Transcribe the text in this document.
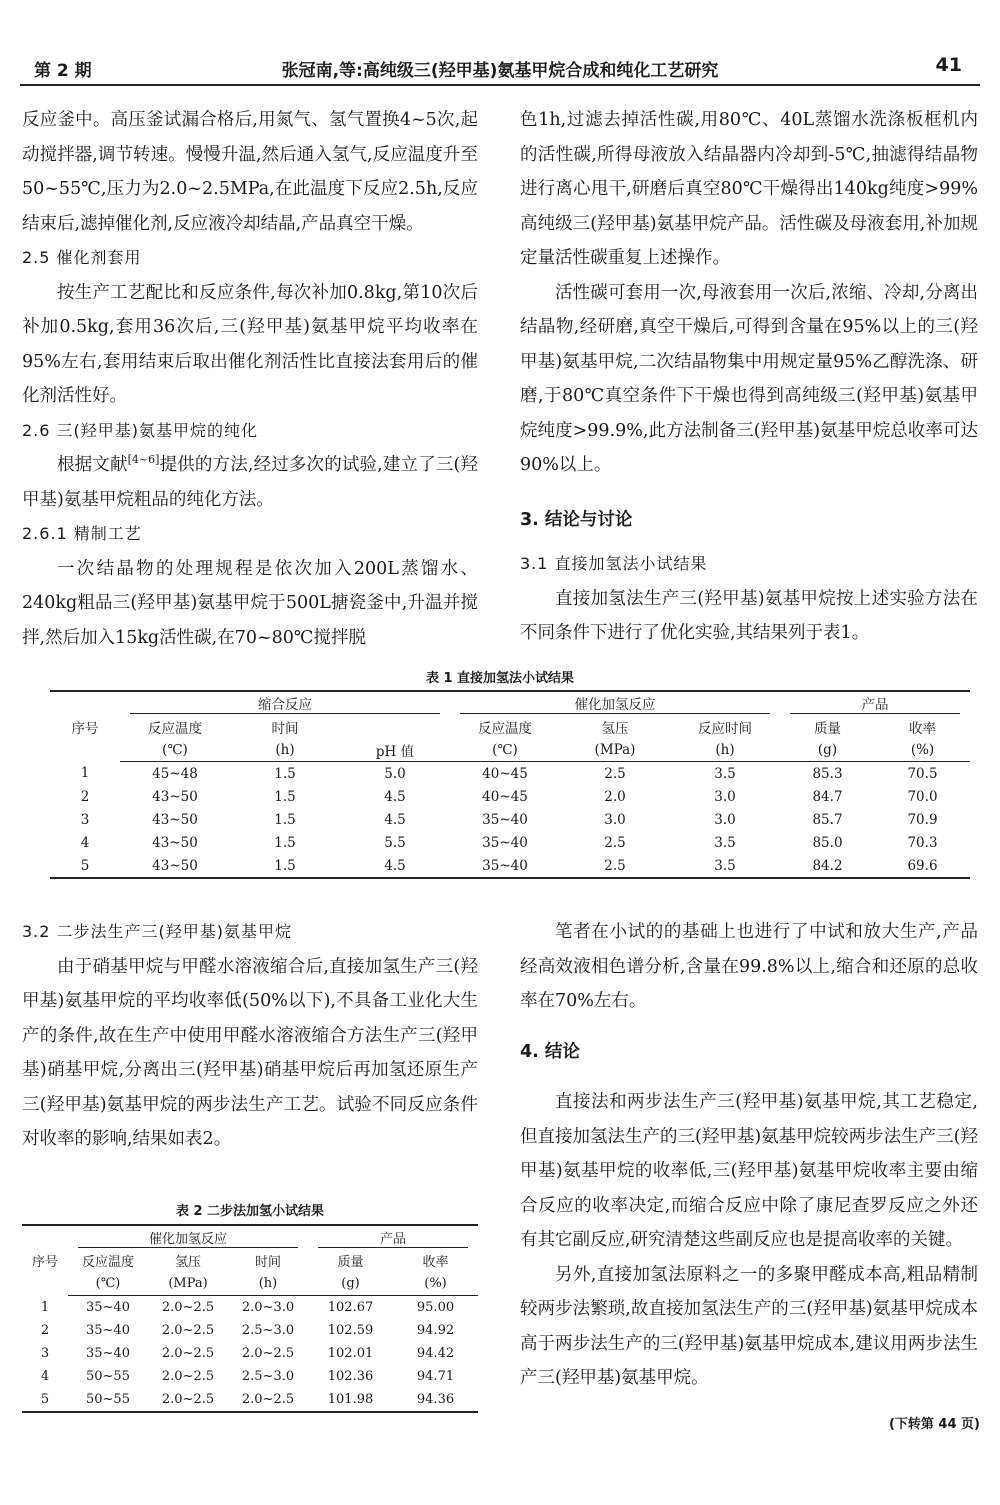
第 2 期	张冠南,等:高纯级三(羟甲基)氨基甲烷合成和纯化工艺研究	41

反应釜中。高压釜试漏合格后,用氮气、氢气置换4~5次,起动搅拌器,调节转速。慢慢升温,然后通入氢气,反应温度升至50~55℃,压力为2.0~2.5MPa,在此温度下反应2.5h,反应结束后,滤掉催化剂,反应液冷却结晶,产品真空干燥。

2.5 催化剂套用

按生产工艺配比和反应条件,每次补加0.8kg,第10次后补加0.5kg,套用36次后,三(羟甲基)氨基甲烷平均收率在95%左右,套用结束后取出催化剂活性比直接法套用后的催化剂活性好。

2.6 三(羟甲基)氨基甲烷的纯化

根据文献[4~6]提供的方法,经过多次的试验,建立了三(羟甲基)氨基甲烷粗品的纯化方法。

2.6.1 精制工艺

一次结晶物的处理规程是依次加入200L蒸馏水、240kg粗品三(羟甲基)氨基甲烷于500L搪瓷釜中,升温并搅拌,然后加入15kg活性碳,在70~80℃搅拌脱

色1h,过滤去掉活性碳,用80℃、40L蒸馏水洗涤板框机内的活性碳,所得母液放入结晶器内冷却到-5℃,抽滤得结晶物进行离心甩干,研磨后真空80℃干燥得出140kg纯度>99%高纯级三(羟甲基)氨基甲烷产品。活性碳及母液套用,补加规定量活性碳重复上述操作。

活性碳可套用一次,母液套用一次后,浓缩、冷却,分离出结晶物,经研磨,真空干燥后,可得到含量在95%以上的三(羟甲基)氨基甲烷,二次结晶物集中用规定量95%乙醇洗涤、研磨,于80℃真空条件下干燥也得到高纯级三(羟甲基)氨基甲烷纯度>99.9%,此方法制备三(羟甲基)氨基甲烷总收率可达90%以上。

3. 结论与讨论

3.1 直接加氢法小试结果

直接加氢法生产三(羟甲基)氨基甲烷按上述实验方法在不同条件下进行了优化实验,其结果列于表1。

表 1 直接加氢法小试结果
序号	缩合反应			催化加氢反应			产品	

	反应温度	时间		反应温度	氢压	反应时间	质量	收率
	(℃)	(h)	pH 值	(℃)	(MPa)	(h)	(g)	(%)
1	45~48	1.5	5.0	40~45	2.5	3.5	85.3	70.5
2	43~50	1.5	4.5	40~45	2.0	3.0	84.7	70.0
3	43~50	1.5	4.5	35~40	3.0	3.0	85.7	70.9
4	43~50	1.5	5.5	35~40	2.5	3.5	85.0	70.3
5	43~50	1.5	4.5	35~40	2.5	3.5	84.2	69.6

3.2 二步法生产三(羟甲基)氨基甲烷

由于硝基甲烷与甲醛水溶液缩合后,直接加氢生产三(羟甲基)氨基甲烷的平均收率低(50%以下),不具备工业化大生产的条件,故在生产中使用甲醛水溶液缩合方法生产三(羟甲基)硝基甲烷,分离出三(羟甲基)硝基甲烷后再加氢还原生产三(羟甲基)氨基甲烷的两步法生产工艺。试验不同反应条件对收率的影响,结果如表2。

表 2 二步法加氢小试结果
序号	催化加氢反应			产品	

	反应温度	氢压	时间	质量	收率
	(℃)	(MPa)	(h)	(g)	(%)
1	35~40	2.0~2.5	2.0~3.0	102.67	95.00
2	35~40	2.0~2.5	2.5~3.0	102.59	94.92
3	35~40	2.0~2.5	2.0~2.5	102.01	94.42
4	50~55	2.0~2.5	2.5~3.0	102.36	94.71
5	50~55	2.0~2.5	2.0~2.5	101.98	94.36

笔者在小试的的基础上也进行了中试和放大生产,产品经高效液相色谱分析,含量在99.8%以上,缩合和还原的总收率在70%左右。

4. 结论

直接法和两步法生产三(羟甲基)氨基甲烷,其工艺稳定,但直接加氢法生产的三(羟甲基)氨基甲烷较两步法生产三(羟甲基)氨基甲烷的收率低,三(羟甲基)氨基甲烷收率主要由缩合反应的收率决定,而缩合反应中除了康尼查罗反应之外还有其它副反应,研究清楚这些副反应也是提高收率的关键。

另外,直接加氢法原料之一的多聚甲醛成本高,粗品精制较两步法繁琐,故直接加氢法生产的三(羟甲基)氨基甲烷成本高于两步法生产的三(羟甲基)氨基甲烷成本,建议用两步法生产三(羟甲基)氨基甲烷。

(下转第 44 页)
